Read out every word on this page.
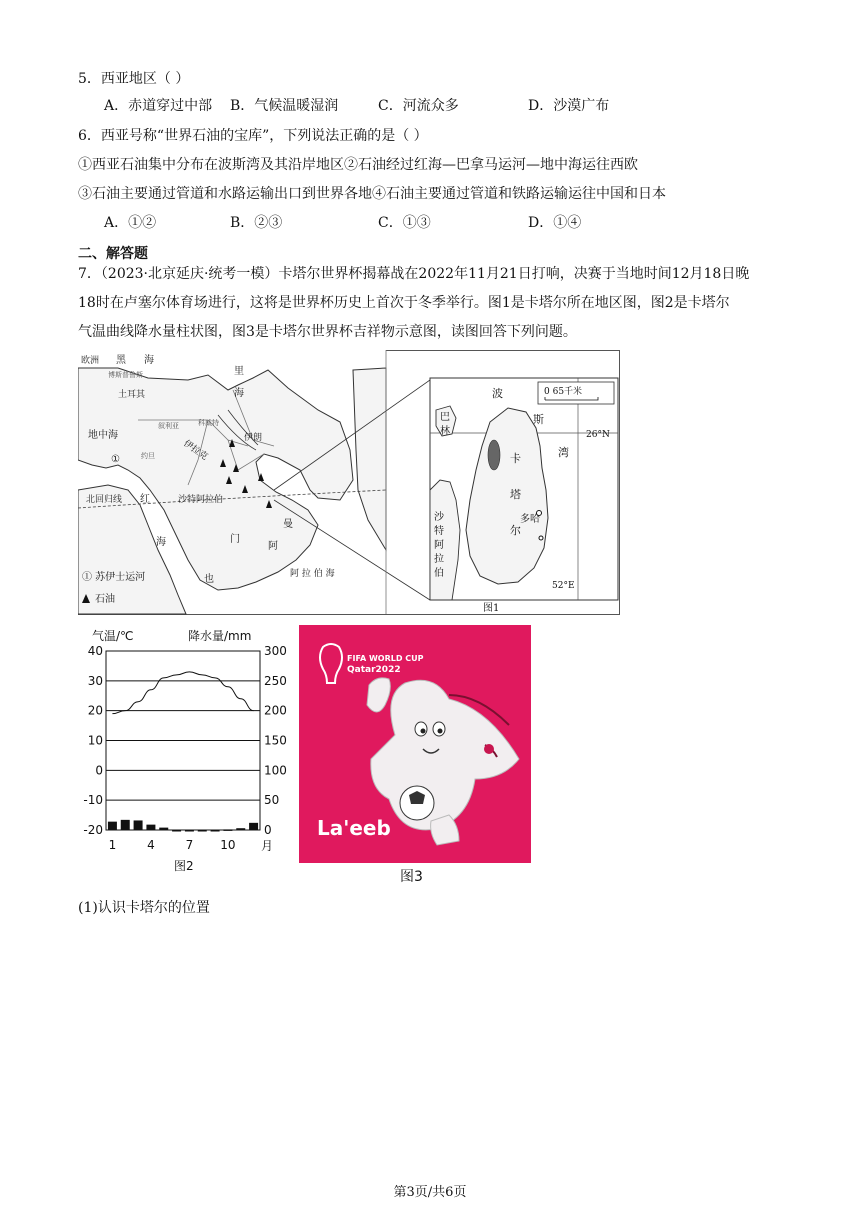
5．西亚地区（ ）
A．赤道穿过中部 B．气候温暖湿润	C．河流众多	D．沙漠广布
6．西亚号称“世界石油的宝库”，下列说法正确的是（ ）
①西亚石油集中分布在波斯湾及其沿岸地区②石油经过红海—巴拿马运河—地中海运往西欧
③石油主要通过管道和水路运输出口到世界各地④石油主要通过管道和铁路运输运往中国和日本
A．①②	B．②③	C．①③	D．①④
二、解答题
7．（2023·北京延庆·统考一模）卡塔尔世界杯揭幕战在2022年11月21日打响，决赛于当地时间12月18日晚
18时在卢塞尔体育场进行，这将是世界杯历史上首次于冬季举行。图1是卡塔尔所在地区图，图2是卡塔尔
气温曲线降水量柱状图，图3是卡塔尔世界杯吉祥物示意图，读图回答下列问题。
欧洲 黑 海
博斯普鲁斯
土耳其
里
海
地中海
叙利亚	科威特
约旦	伊拉克
伊朗
①
北回归线 红
海
沙特阿拉伯
曼
阿
门
也	阿 拉 伯 海
① 苏伊士运河
石油
0 65千米
26°N
52°E
波
斯
湾
巴
林
卡
塔
尔
多哈
沙
特
阿
拉
伯
图1
气温/℃	降水量/mm
40
30
20
10
0
-10
-20
300
250
200
150
100
50
0
1	4	7 10 月
图2
FIFA WORLD CUP
Qatar2022
La'eeb
图3
(1)认识卡塔尔的位置
第3页/共6页
